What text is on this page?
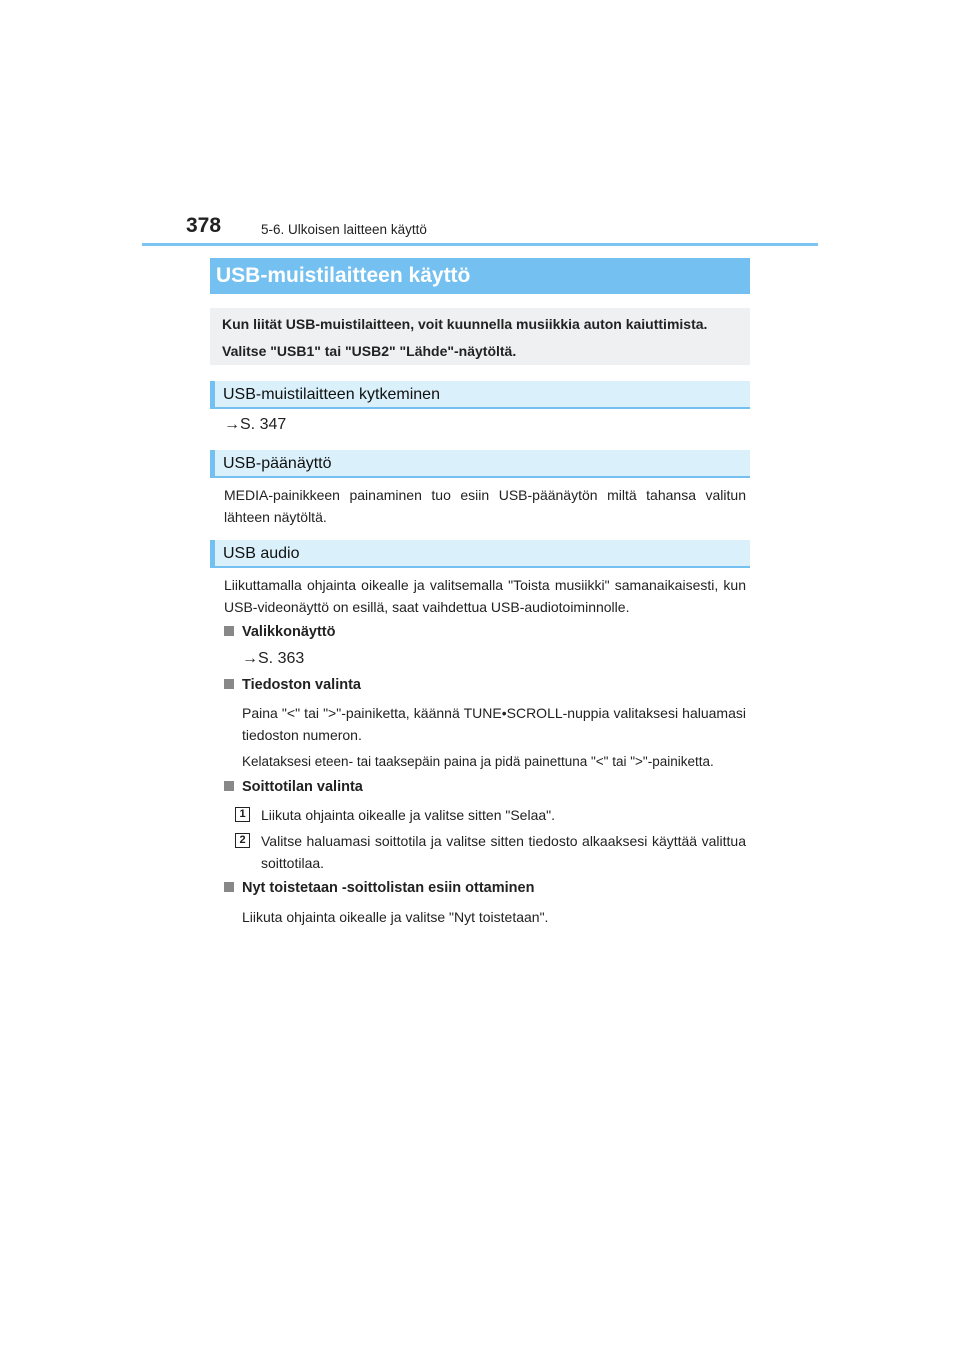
378	5-6. Ulkoisen laitteen käyttö
USB-muistilaitteen käyttö

Kun liität USB-muistilaitteen, voit kuunnella musiikkia auton kaiuttimista.

Valitse "USB1" tai "USB2" "Lähde"-näytöltä.

USB-muistilaitteen kytkeminen
→S. 347
USB-päänäyttö
MEDIA-painikkeen painaminen tuo esiin USB-päänäytön miltä tahansa valitun lähteen näytöltä.
USB audio
Liikuttamalla ohjainta oikealle ja valitsemalla "Toista musiikki" samanaikaisesti, kun USB-videonäyttö on esillä, saat vaihdettua USB-audiotoiminnolle.
Valikkonäyttö
→S. 363
Tiedoston valinta
Paina "<" tai ">"-painiketta, käännä TUNE•SCROLL-nuppia valitaksesi haluamasi tiedoston numeron.
Kelataksesi eteen- tai taaksepäin paina ja pidä painettuna "<" tai ">"-painiketta.
Soittotilan valinta
1	Liikuta ohjainta oikealle ja valitse sitten "Selaa".
2	Valitse haluamasi soittotila ja valitse sitten tiedosto alkaaksesi käyttää valittua soittotilaa.
Nyt toistetaan -soittolistan esiin ottaminen
Liikuta ohjainta oikealle ja valitse "Nyt toistetaan".
